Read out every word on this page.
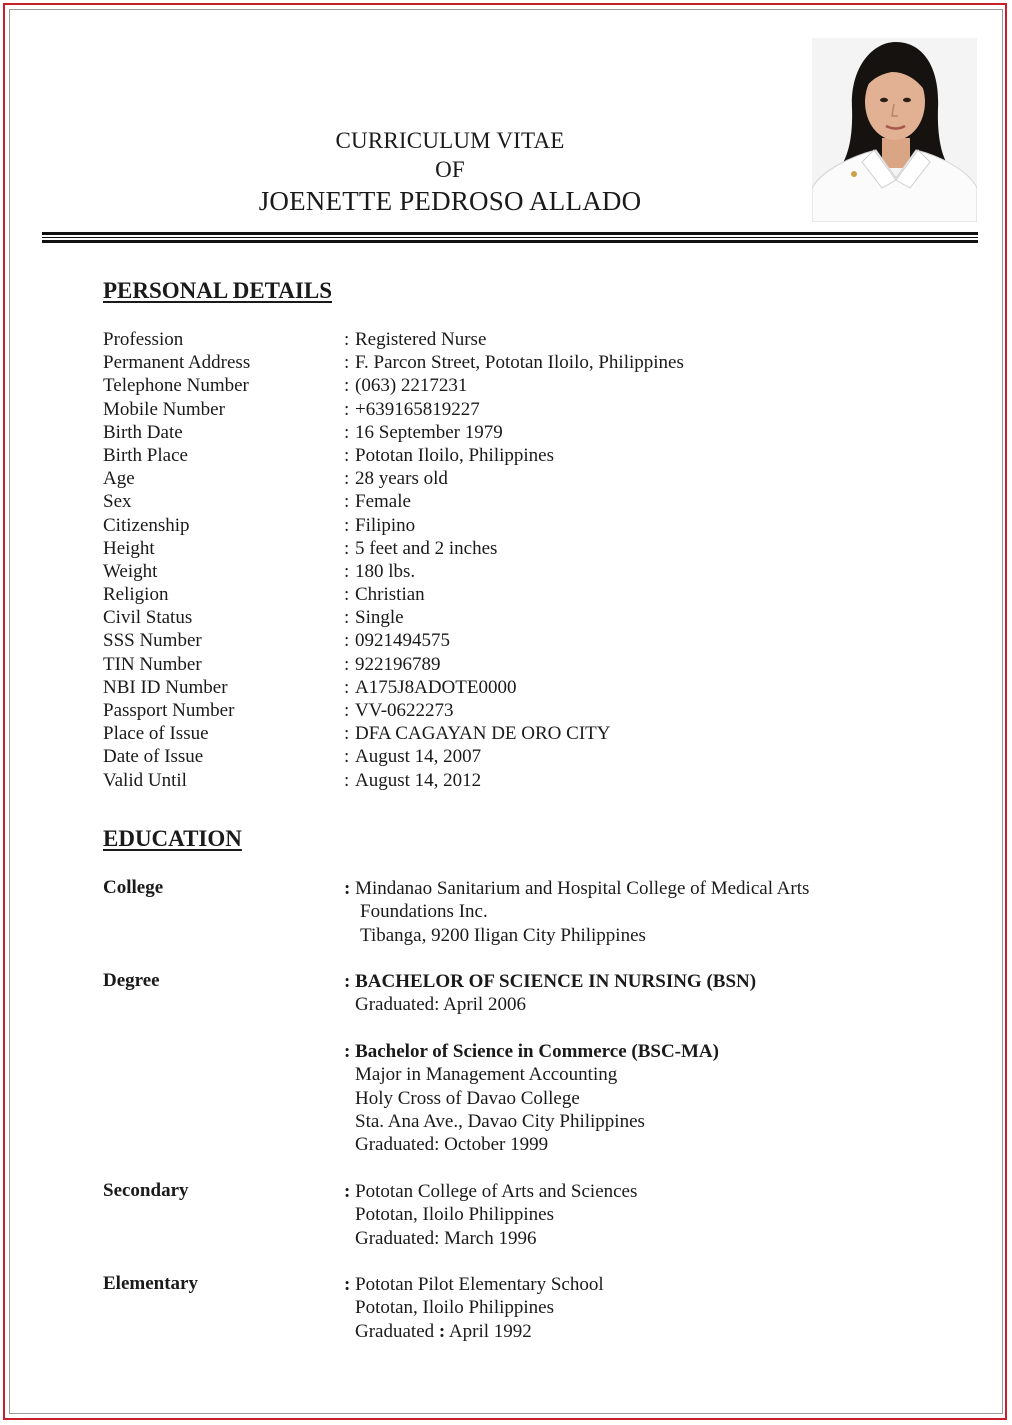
CURRICULUM VITAE
OF
JOENETTE PEDROSO ALLADO
PERSONAL DETAILS
Profession	: Registered Nurse
Permanent Address	: F. Parcon Street, Pototan Iloilo, Philippines
Telephone Number	: (063) 2217231
Mobile Number	: +639165819227
Birth Date	: 16 September 1979
Birth Place	: Pototan Iloilo, Philippines
Age	: 28 years old
Sex	: Female
Citizenship	: Filipino
Height	: 5 feet and 2 inches
Weight	: 180 lbs.
Religion	: Christian
Civil Status	: Single
SSS Number	: 0921494575
TIN Number	: 922196789
NBI ID Number	: A175J8ADOTE0000
Passport Number	: VV-0622273
Place of Issue	: DFA CAGAYAN DE ORO CITY
Date of Issue	: August 14, 2007
Valid Until	: August 14, 2012
EDUCATION
College	: Mindanao Sanitarium and Hospital College of Medical Arts
Foundations Inc.
Tibanga, 9200 Iligan City Philippines
Degree	: BACHELOR OF SCIENCE IN NURSING (BSN)
Graduated: April 2006
: Bachelor of Science in Commerce (BSC-MA)
Major in Management Accounting
Holy Cross of Davao College
Sta. Ana Ave., Davao City Philippines
Graduated: October 1999
Secondary	: Pototan College of Arts and Sciences
Pototan, Iloilo Philippines
Graduated: March 1996
Elementary	: Pototan Pilot Elementary School
Pototan, Iloilo Philippines
Graduated : April 1992
